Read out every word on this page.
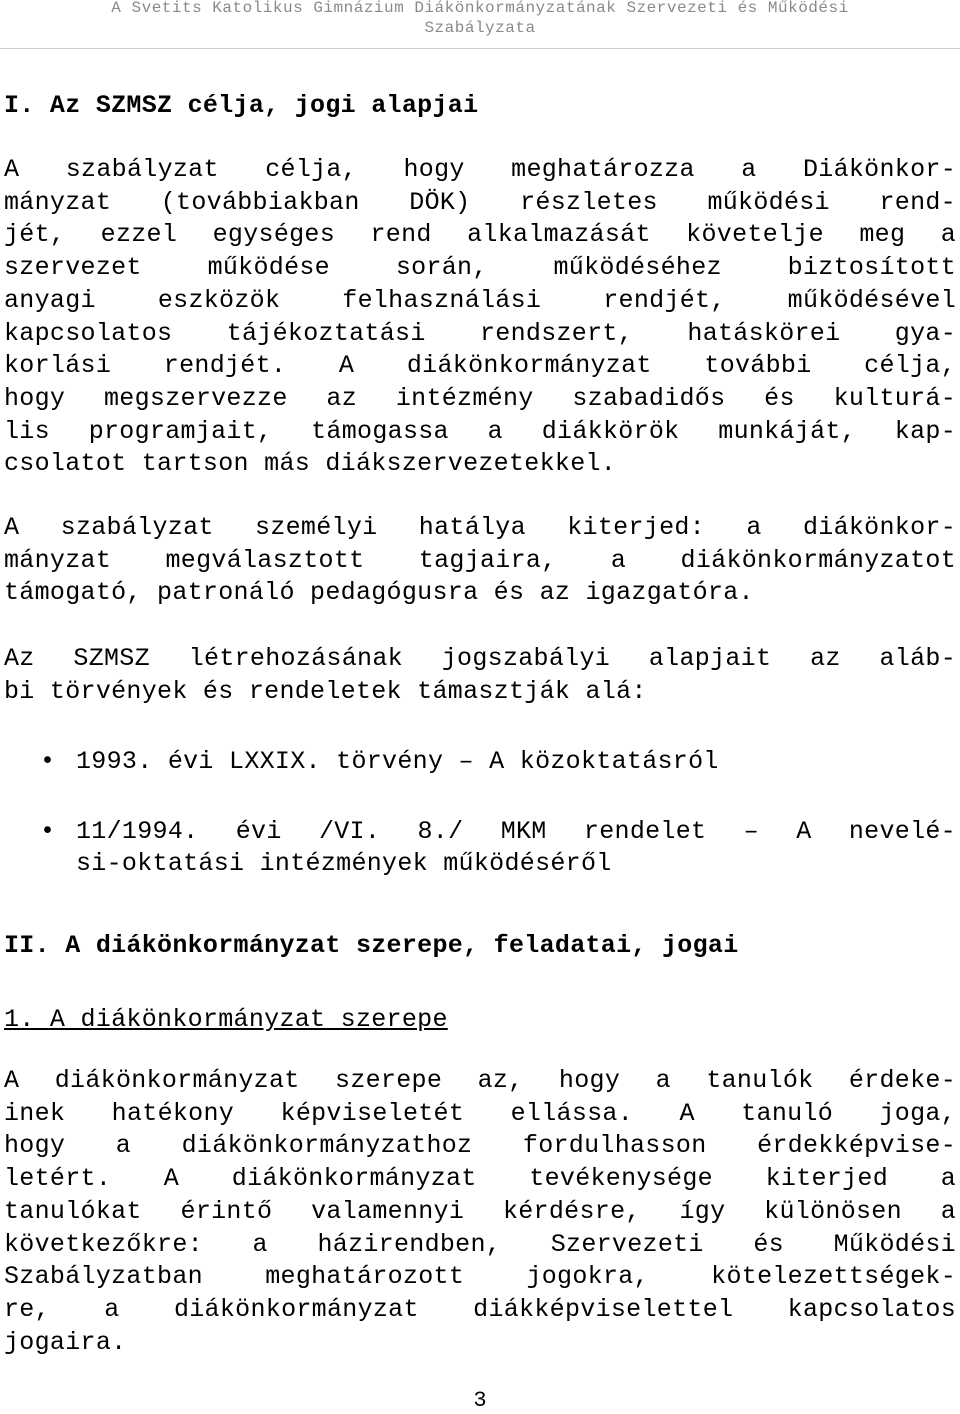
A Svetits Katolikus Gimnázium Diákönkormányzatának Szervezeti és Működési
Szabályzata
I. Az SZMSZ célja, jogi alapjai
A szabályzat célja, hogy meghatározza a Diákönkor-
mányzat (továbbiakban DÖK) részletes működési rend-
jét, ezzel egységes rend alkalmazását követelje meg a
szervezet működése során, működéséhez biztosított
anyagi eszközök felhasználási rendjét, működésével
kapcsolatos tájékoztatási rendszert, hatáskörei gya-
korlási rendjét. A diákönkormányzat további célja,
hogy megszervezze az intézmény szabadidős és kulturá-
lis programjait, támogassa a diákkörök munkáját, kap-
csolatot tartson más diákszervezetekkel.
A szabályzat személyi hatálya kiterjed: a diákönkor-
mányzat megválasztott tagjaira, a diákönkormányzatot
támogató, patronáló pedagógusra és az igazgatóra.
Az SZMSZ létrehozásának jogszabályi alapjait az aláb-
bi törvények és rendeletek támasztják alá:
• 1993. évi LXXIX. törvény – A közoktatásról
• 11/1994. évi /VI. 8./ MKM rendelet – A nevelé-
si-oktatási intézmények működéséről
II. A diákönkormányzat szerepe, feladatai, jogai
1. A diákönkormányzat szerepe
A diákönkormányzat szerepe az, hogy a tanulók érdeke-
inek hatékony képviseletét ellássa. A tanuló joga,
hogy a diákönkormányzathoz fordulhasson érdekképvise-
letért. A diákönkormányzat tevékenysége kiterjed a
tanulókat érintő valamennyi kérdésre, így különösen a
következőkre: a házirendben, Szervezeti és Működési
Szabályzatban meghatározott jogokra, kötelezettségek-
re, a diákönkormányzat diákképviselettel kapcsolatos
jogaira.
3
